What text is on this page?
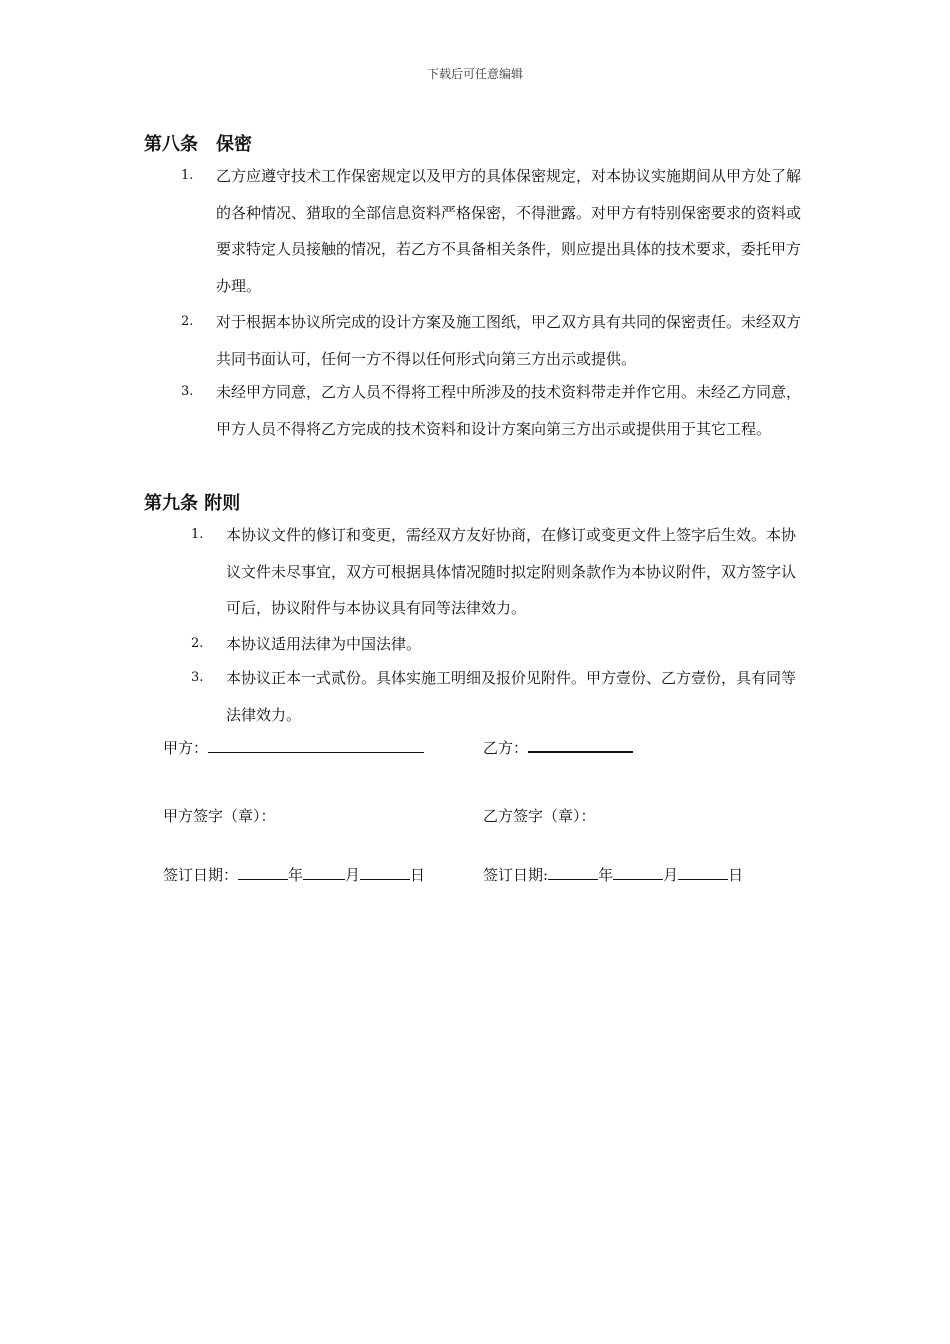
下载后可任意编辑
第八条　保密
1.	乙方应遵守技术工作保密规定以及甲方的具体保密规定，对本协议实施期间从甲方处了解的各种情况、猎取的全部信息资料严格保密，不得泄露。对甲方有特别保密要求的资料或要求特定人员接触的情况，若乙方不具备相关条件，则应提出具体的技术要求，委托甲方办理。
2.	对于根据本协议所完成的设计方案及施工图纸，甲乙双方具有共同的保密责任。未经双方共同书面认可，任何一方不得以任何形式向第三方出示或提供。
3.	未经甲方同意，乙方人员不得将工程中所涉及的技术资料带走并作它用。未经乙方同意，甲方人员不得将乙方完成的技术资料和设计方案向第三方出示或提供用于其它工程。
第九条 附则
1.	本协议文件的修订和变更，需经双方友好协商，在修订或变更文件上签字后生效。本协议文件未尽事宜，双方可根据具体情况随时拟定附则条款作为本协议附件，双方签字认可后，协议附件与本协议具有同等法律效力。
2.	本协议适用法律为中国法律。
3.	本协议正本一式贰份。具体实施工明细及报价见附件。甲方壹份、乙方壹份，具有同等法律效力。
甲方：	乙方：
甲方签字（章）：	乙方签字（章）：
签订日期：	年	月	日	签订日期:	年	月	日
